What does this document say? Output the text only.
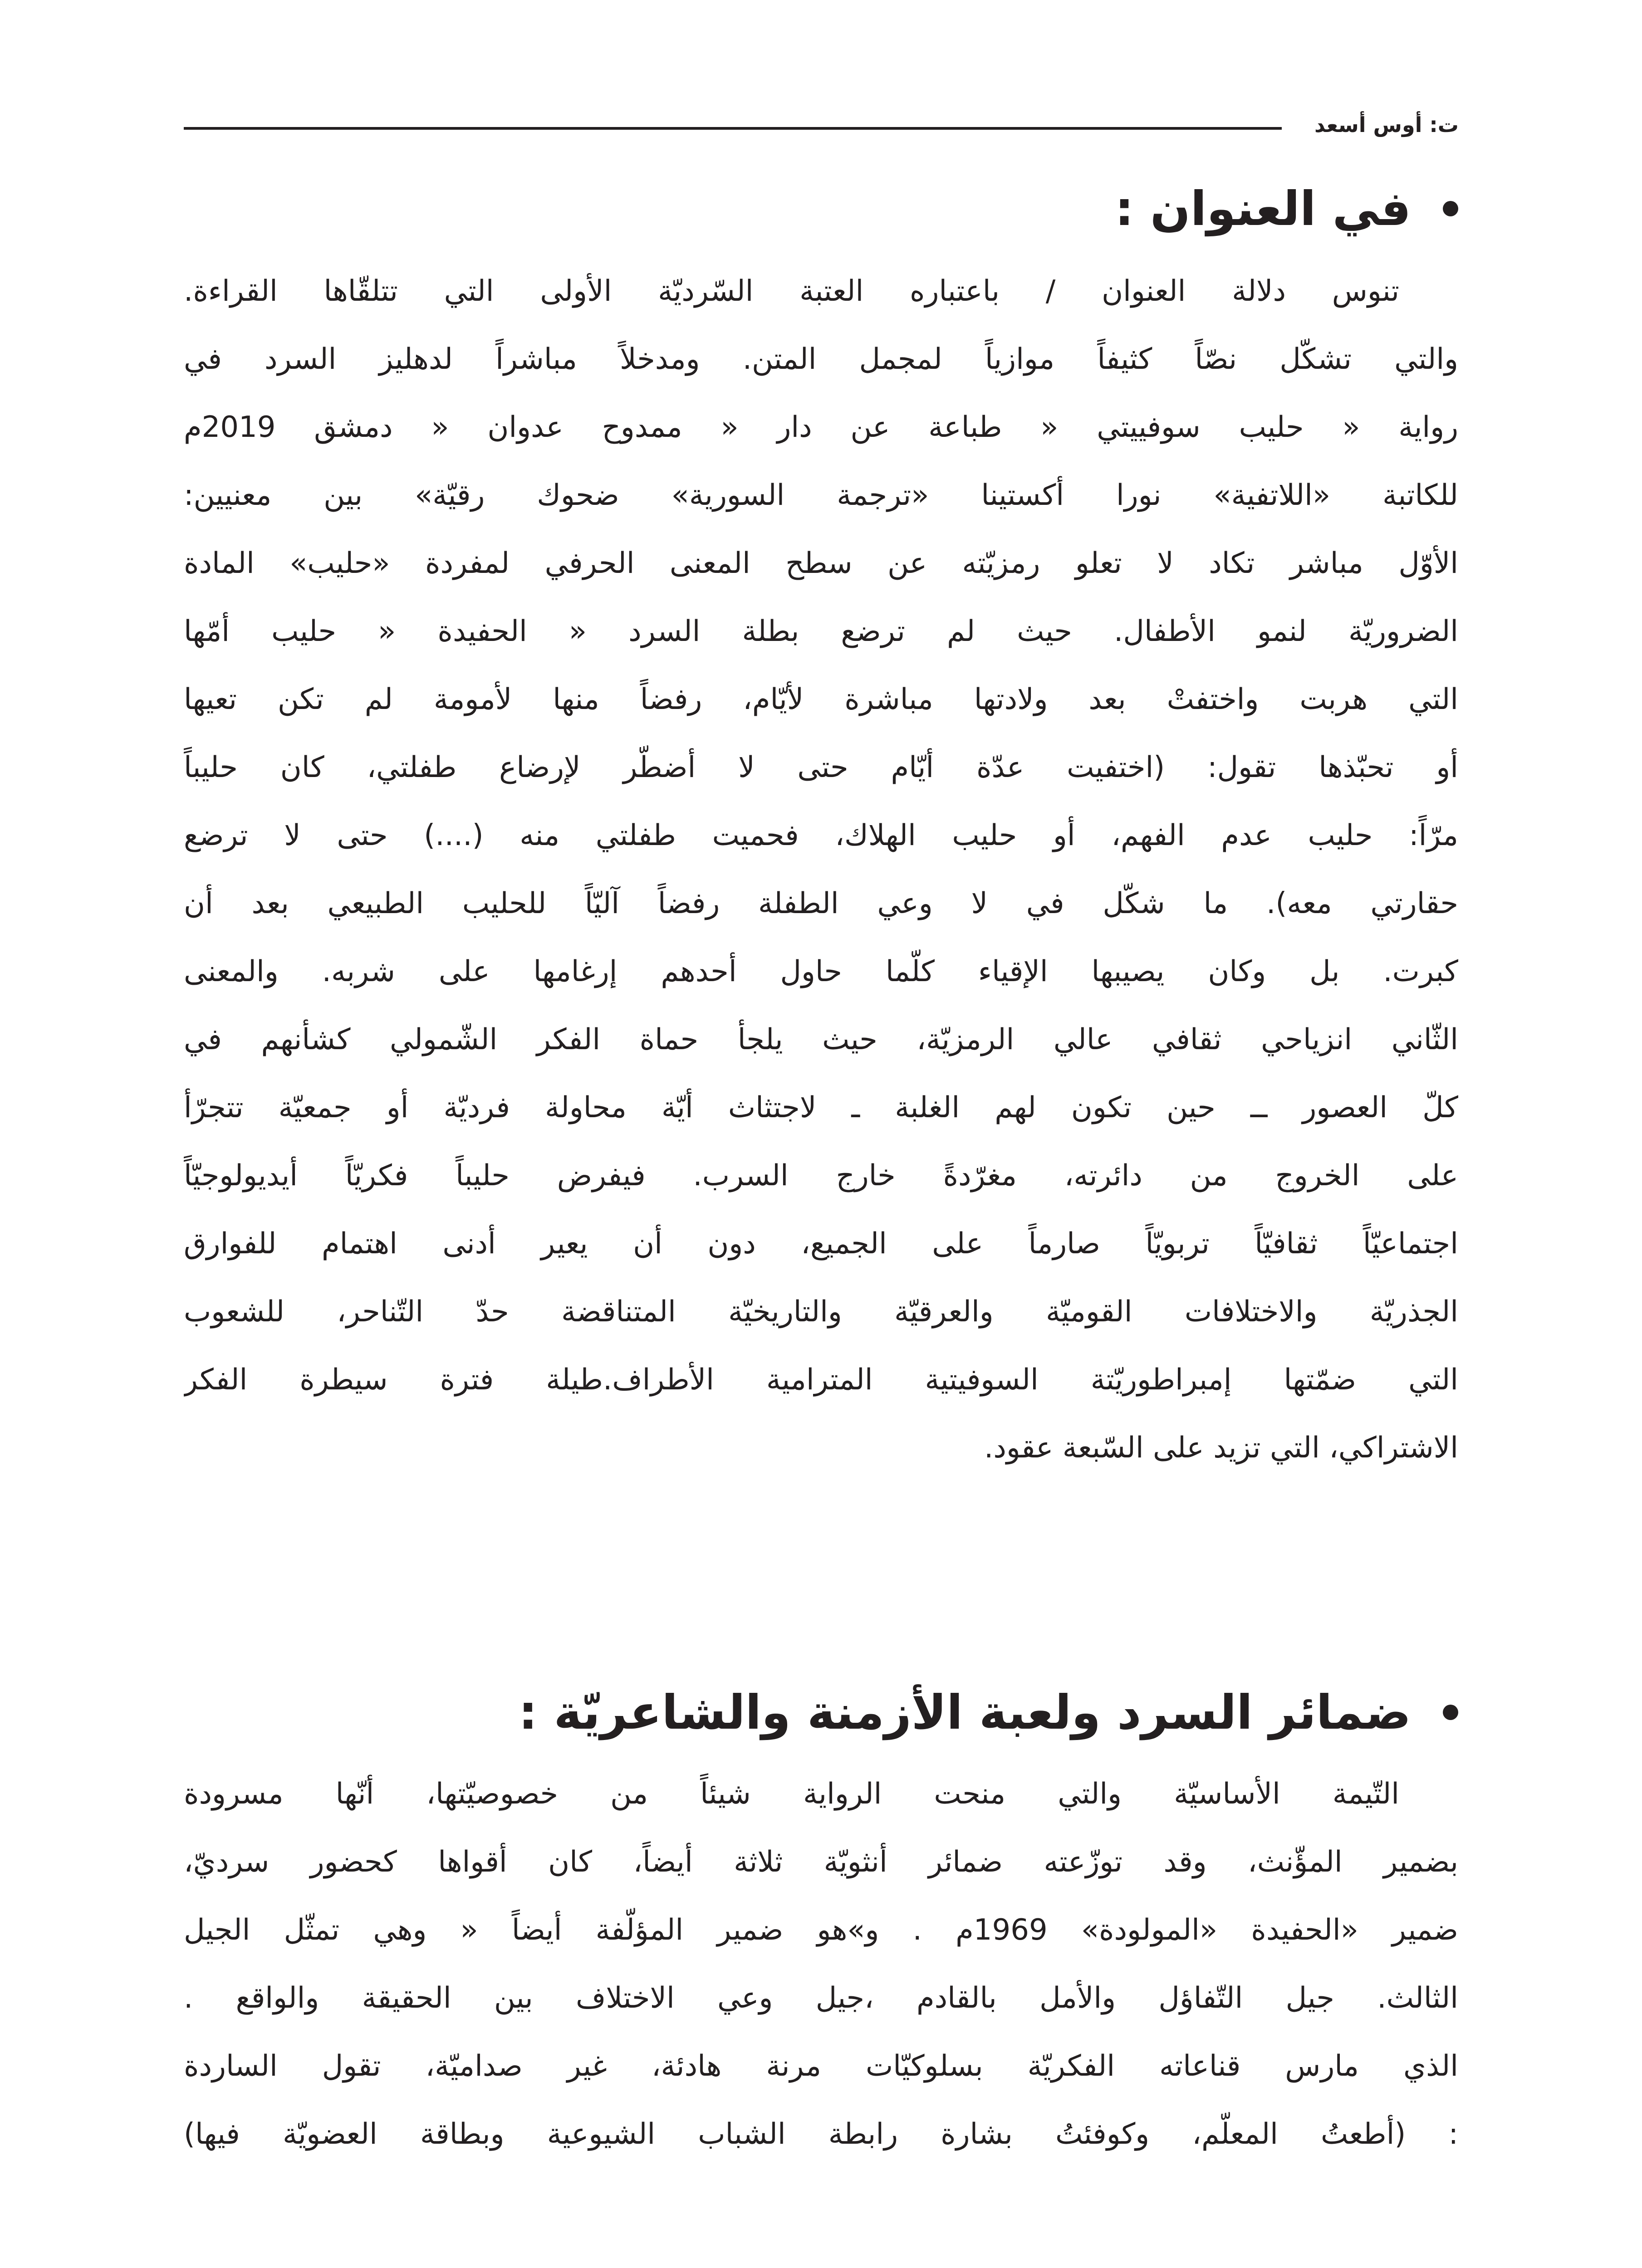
ت: أوس أسعد
في العنوان :
تنوس دلالة العنوان / باعتباره العتبة السّرديّة الأولى التي تتلقّاها القراءة.
والتي تشكّل نصّاً كثيفاً موازياً لمجمل المتن. ومدخلاً مباشراً لدهليز السرد في
رواية « حليب سوفييتي « طباعة عن دار « ممدوح عدوان « دمشق 2019م
للكاتبة «اللاتفية» نورا أكستينا «ترجمة السورية» ضحوك رقيّة» بين معنيين:
الأوّل مباشر تكاد لا تعلو رمزيّته عن سطح المعنى الحرفي لمفردة «حليب» المادة
الضروريّة لنمو الأطفال. حيث لم ترضع بطلة السرد « الحفيدة « حليب أمّها
التي هربت واختفتْ بعد ولادتها مباشرة لأيّام، رفضاً منها لأمومة لم تكن تعيها
أو تحبّذها تقول: (اختفيت عدّة أيّام حتى لا أضطّر لإرضاع طفلتي، كان حليباً
مرّاً: حليب عدم الفهم، أو حليب الهلاك، فحميت طفلتي منه (....) حتى لا ترضع
حقارتي معه). ما شكّل في لا وعي الطفلة رفضاً آليّاً للحليب الطبيعي بعد أن
كبرت. بل وكان يصيبها الإقياء كلّما حاول أحدهم إرغامها على شربه. والمعنى
الثّاني انزياحي ثقافي عالي الرمزيّة، حيث يلجأ حماة الفكر الشّمولي كشأنهم في
كلّ العصور ــ حين تكون لهم الغلبة ـ لاجتثاث أيّة محاولة فرديّة أو جمعيّة تتجرّأ
على الخروج من دائرته، مغرّدةً خارج السرب. فيفرض حليباً فكريّاً أيديولوجيّاً
اجتماعيّاً ثقافيّاً تربويّاً صارماً على الجميع، دون أن يعير أدنى اهتمام للفوارق
الجذريّة والاختلافات القوميّة والعرقيّة والتاريخيّة المتناقضة حدّ التّناحر، للشعوب
التي ضمّتها إمبراطوريّتة السوفيتية المترامية الأطراف.طيلة فترة سيطرة الفكر
الاشتراكي، التي تزيد على السّبعة عقود.
ضمائر السرد ولعبة الأزمنة والشاعريّة :
التّيمة الأساسيّة والتي منحت الرواية شيئاً من خصوصيّتها، أنّها مسرودة
بضمير المؤّنث، وقد توزّعته ضمائر أنثويّة ثلاثة أيضاً، كان أقواها كحضور سرديّ،
ضمير «الحفيدة «المولودة» 1969م . و»هو ضمير المؤلّفة أيضاً « وهي تمثّل الجيل
الثالث. جيل التّفاؤل والأمل بالقادم ،جيل وعي الاختلاف بين الحقيقة والواقع .
الذي مارس قناعاته الفكريّة بسلوكيّات مرنة هادئة، غير صداميّة، تقول الساردة
: (أطعتُ المعلّم، وكوفئتُ بشارة رابطة الشباب الشيوعية وبطاقة العضويّة فيها)
